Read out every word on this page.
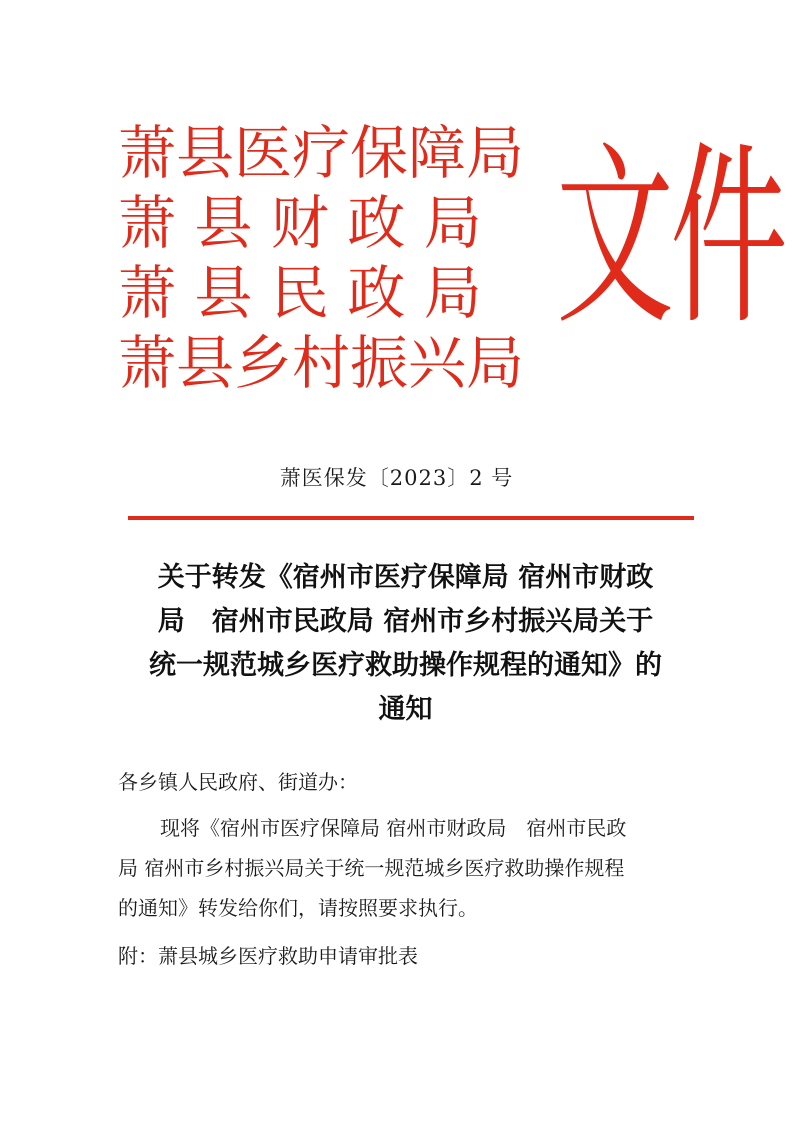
萧县医疗保障局
萧 县 财 政 局
萧 县 民 政 局
萧县乡村振兴局
文件
萧医保发〔2023〕2 号
关于转发《宿州市医疗保障局 宿州市财政
局　宿州市民政局 宿州市乡村振兴局关于
统一规范城乡医疗救助操作规程的通知》的
通知

各乡镇人民政府、街道办：

现将《宿州市医疗保障局 宿州市财政局　宿州市民政

局 宿州市乡村振兴局关于统一规范城乡医疗救助操作规程

的通知》转发给你们，请按照要求执行。

附：萧县城乡医疗救助申请审批表
